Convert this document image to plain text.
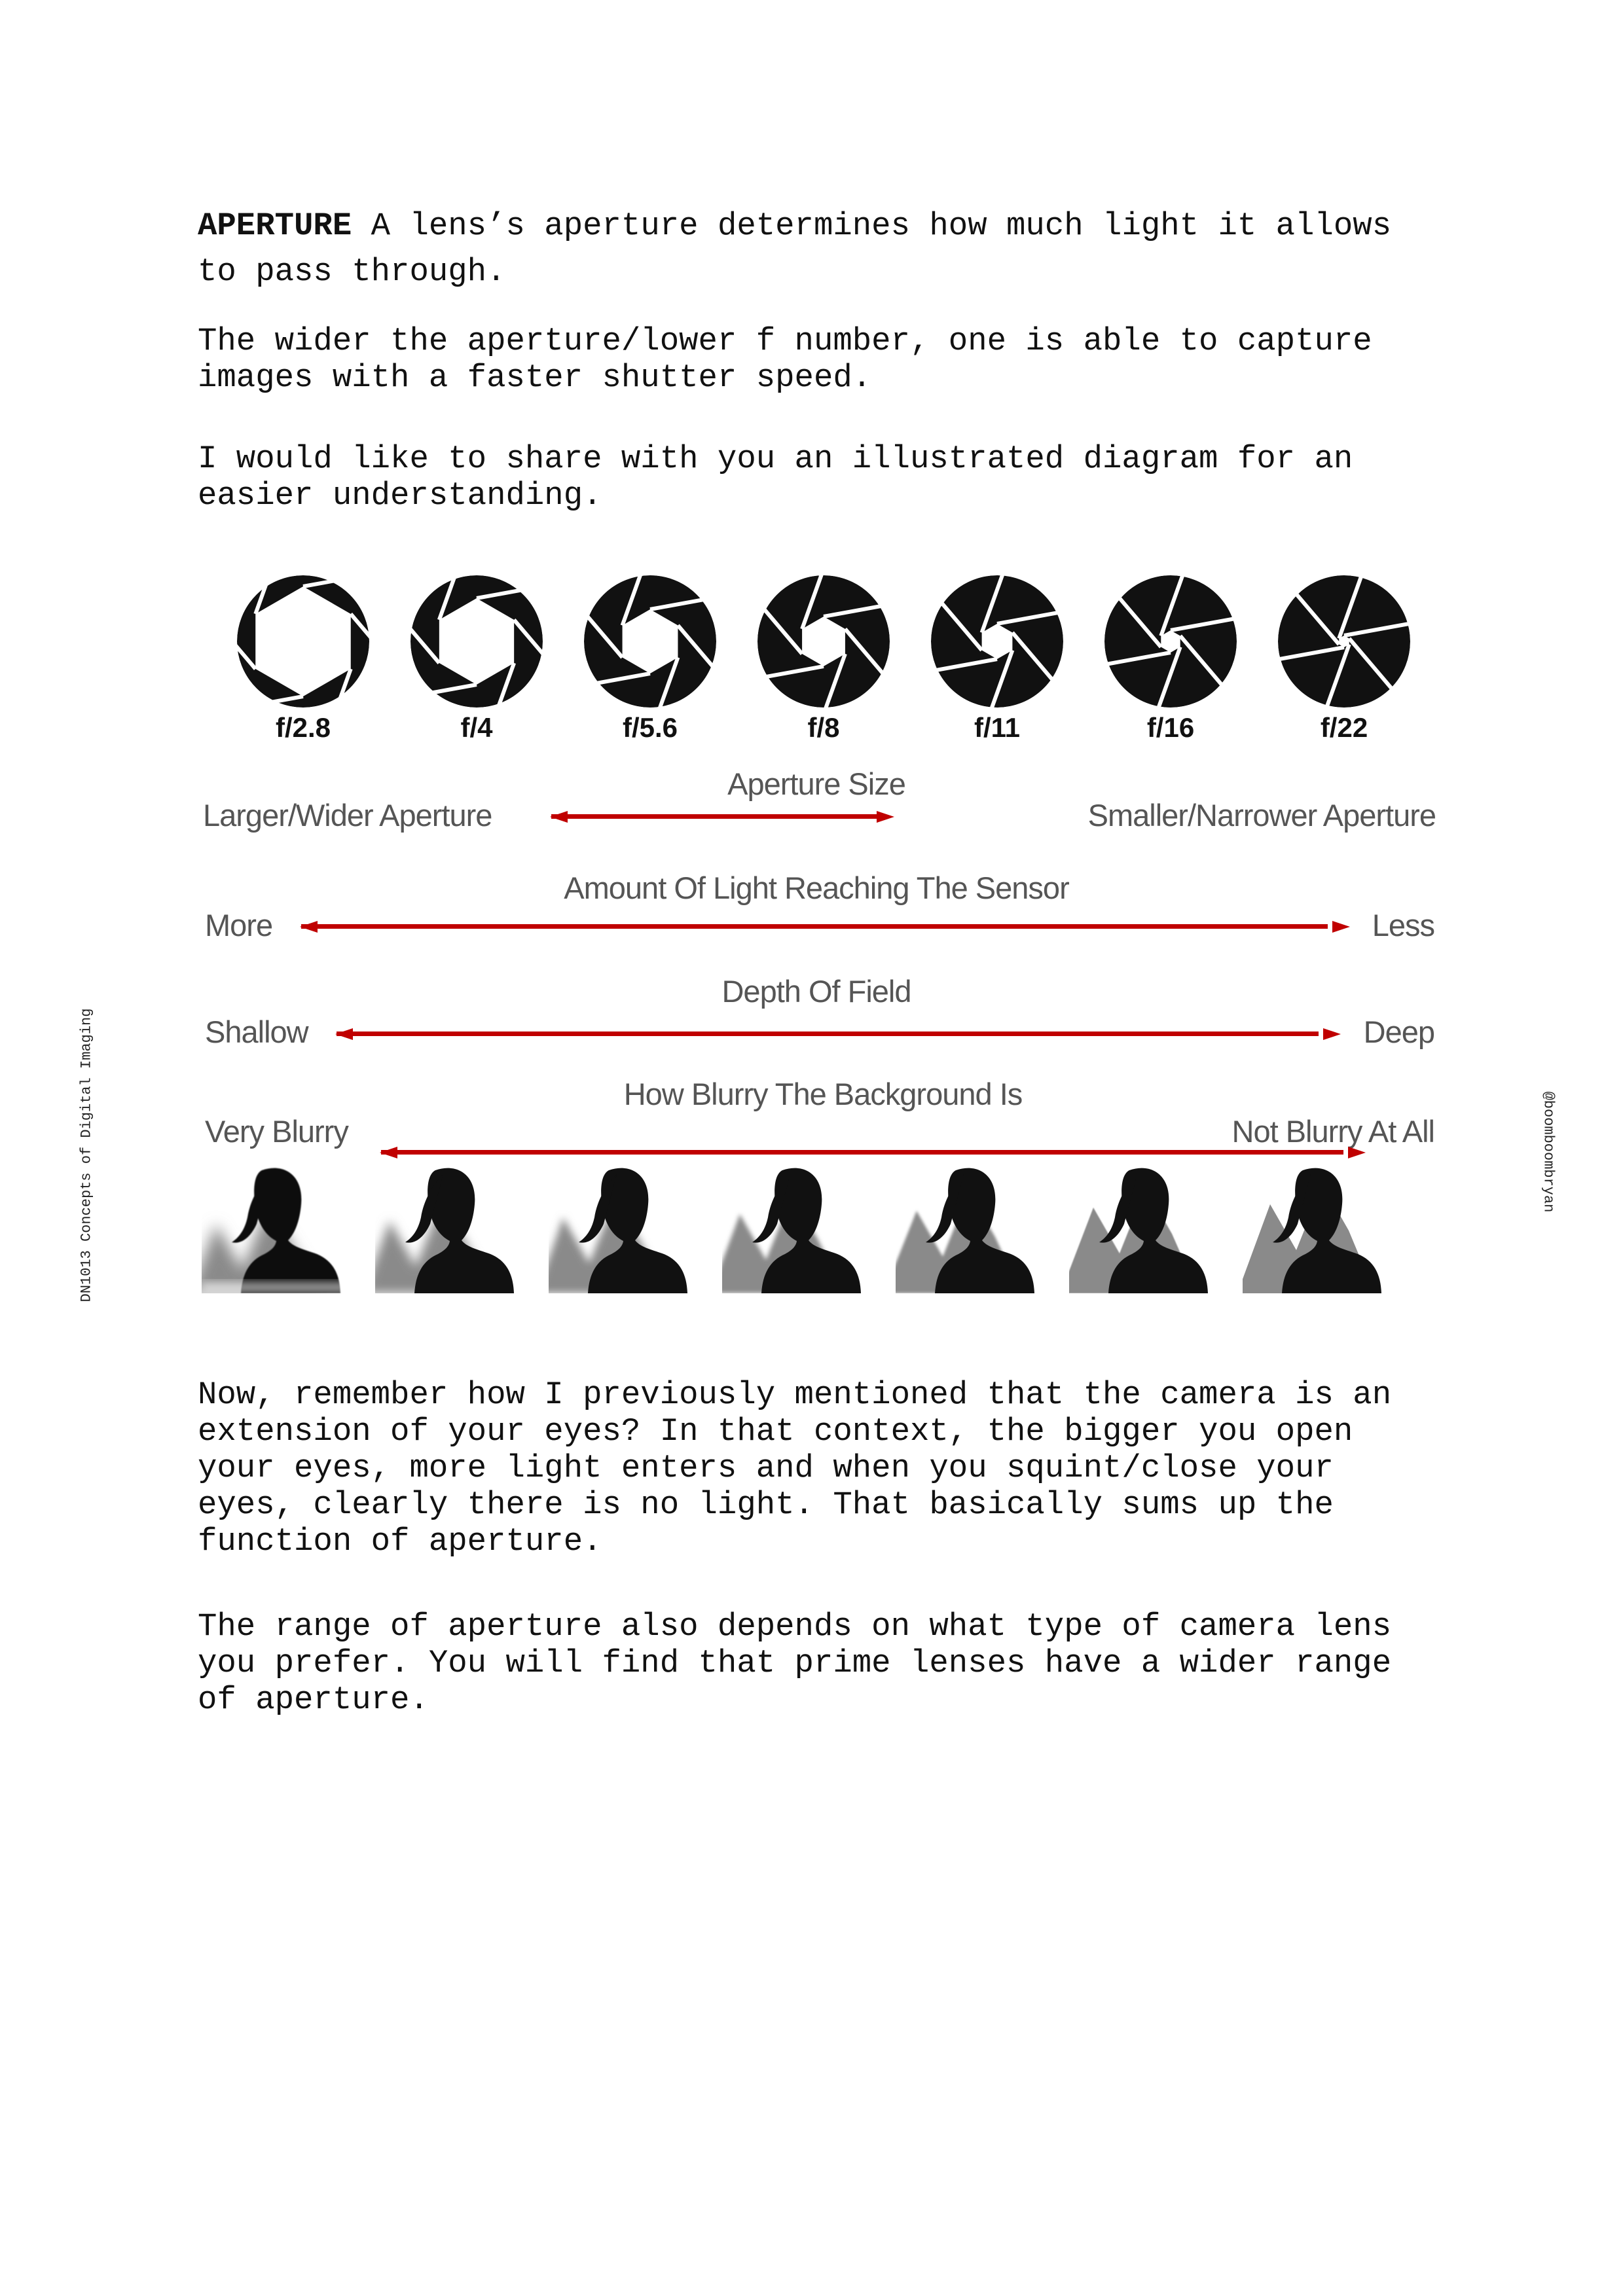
APERTURE A lens’s aperture determines how much light it allows to pass through.

The wider the aperture/lower f number, one is able to capture
images with a faster shutter speed.

I would like to share with you an illustrated diagram for an
easier understanding.

DN1013 Concepts of Digital Imaging	@boomboombryan
f/2.8	f/4	f/5.6	f/8	f/11	f/16	f/22
Aperture Size
Larger/Wider Aperture	Smaller/Narrower Aperture
Amount Of Light Reaching The Sensor
More	Less
Depth Of Field
Shallow	Deep
How Blurry The Background Is
Very Blurry	Not Blurry At All

Now, remember how I previously mentioned that the camera is an
extension of your eyes? In that context, the bigger you open
your eyes, more light enters and when you squint/close your
eyes, clearly there is no light. That basically sums up the
function of aperture.

The range of aperture also depends on what type of camera lens
you prefer. You will find that prime lenses have a wider range
of aperture.
